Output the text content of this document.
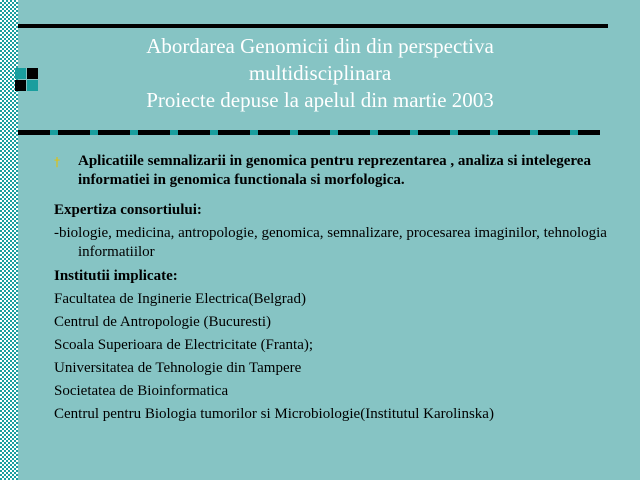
Abordarea Genomicii din din perspectiva
multidisciplinara
Proiecte depuse la apelul din martie 2003
† Aplicatiile semnalizarii in genomica pentru reprezentarea , analiza si intelegerea informatiei in genomica functionala si morfologica.
Expertiza consortiului:
-biologie, medicina, antropologie, genomica, semnalizare, procesarea imaginilor, tehnologia informatiilor
Institutii implicate:
Facultatea de Inginerie Electrica(Belgrad)
Centrul de Antropologie (Bucuresti)
Scoala Superioara de Electricitate (Franta);
Universitatea de Tehnologie din Tampere
Societatea de Bioinformatica
Centrul pentru Biologia tumorilor si Microbiologie(Institutul Karolinska)
